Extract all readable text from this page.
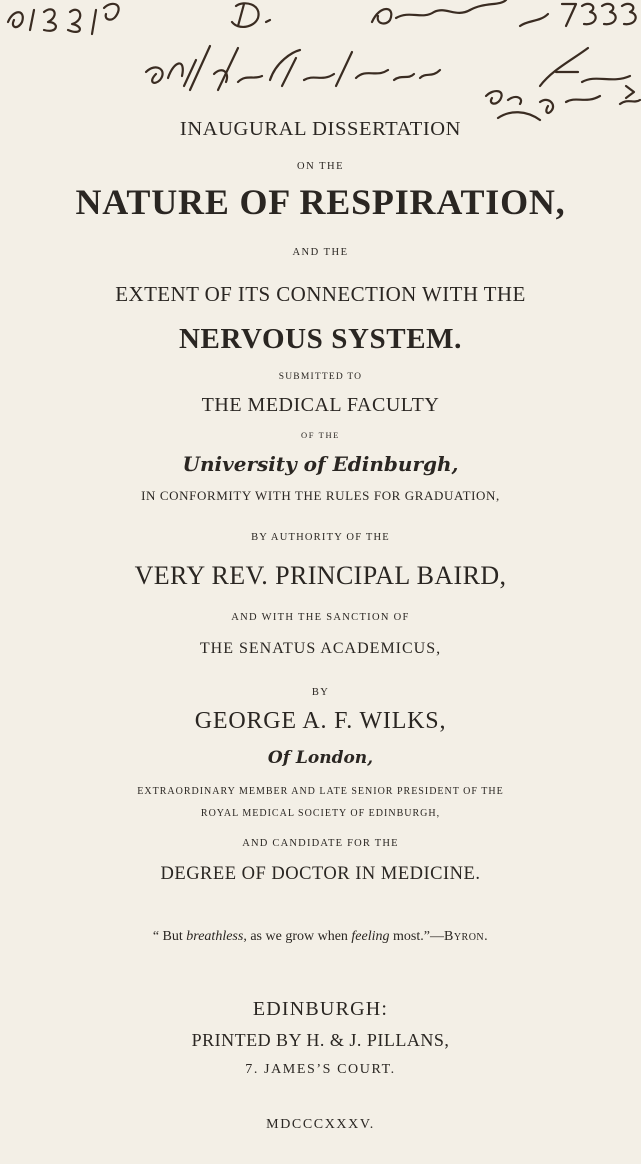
INAUGURAL DISSERTATION
ON THE
NATURE OF RESPIRATION,
AND THE
EXTENT OF ITS CONNECTION WITH THE
NERVOUS SYSTEM.
SUBMITTED TO
THE MEDICAL FACULTY
OF THE
University of Edinburgh,
IN CONFORMITY WITH THE RULES FOR GRADUATION,
BY AUTHORITY OF THE
VERY REV. PRINCIPAL BAIRD,
AND WITH THE SANCTION OF
THE SENATUS ACADEMICUS,
BY
GEORGE A. F. WILKS,
Of London,
EXTRAORDINARY MEMBER AND LATE SENIOR PRESIDENT OF THE
ROYAL MEDICAL SOCIETY OF EDINBURGH,
AND CANDIDATE FOR THE
DEGREE OF DOCTOR IN MEDICINE.
“ But breathless, as we grow when feeling most.”—Byron.
EDINBURGH:
PRINTED BY H. & J. PILLANS,
7. JAMES’S COURT.
MDCCCXXXV.
